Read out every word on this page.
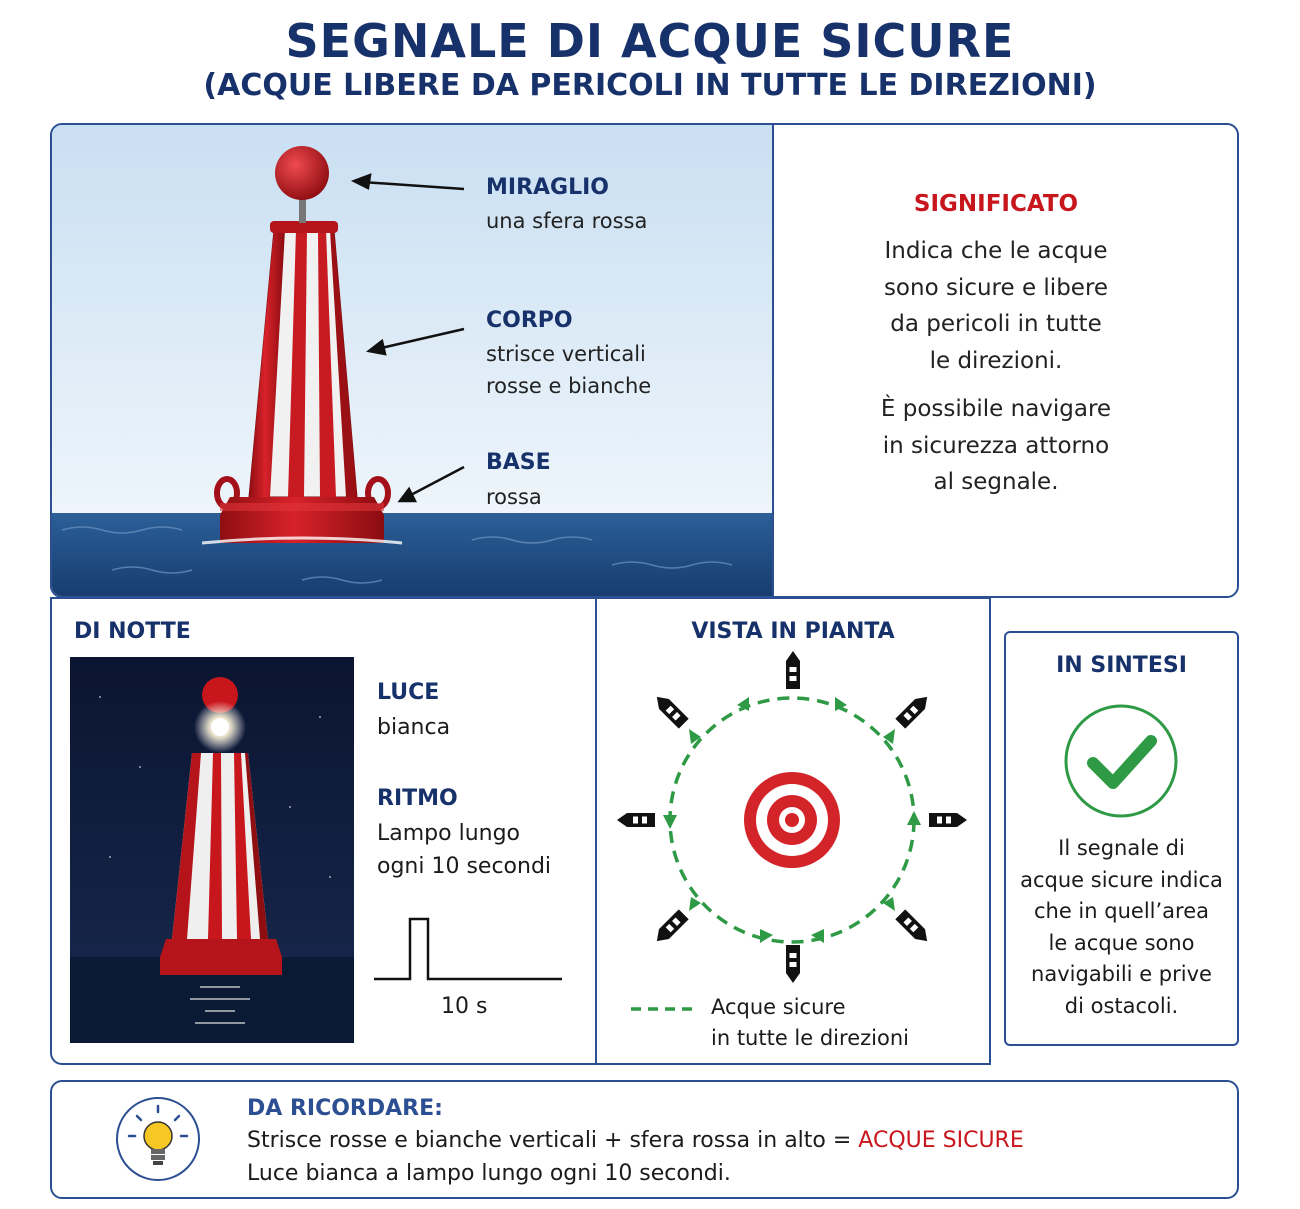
SEGNALE DI ACQUE SICURE
(ACQUE LIBERE DA PERICOLI IN TUTTE LE DIREZIONI)
MIRAGLIO
una sfera rossa
CORPO
strisce verticali
rosse e bianche
BASE
rossa
SIGNIFICATO
Indica che le acque
sono sicure e libere
da pericoli in tutte
le direzioni.
È possibile navigare
in sicurezza attorno
al segnale.
DI NOTTE
LUCE
bianca
RITMO
Lampo lungo
ogni 10 secondi
10 s
VISTA IN PIANTA
Acque sicure
in tutte le direzioni
IN SINTESI
Il segnale di
acque sicure indica
che in quell’area
le acque sono
navigabili e prive
di ostacoli.
DA RICORDARE:
Strisce rosse e bianche verticali + sfera rossa in alto = ACQUE SICURE
Luce bianca a lampo lungo ogni 10 secondi.
